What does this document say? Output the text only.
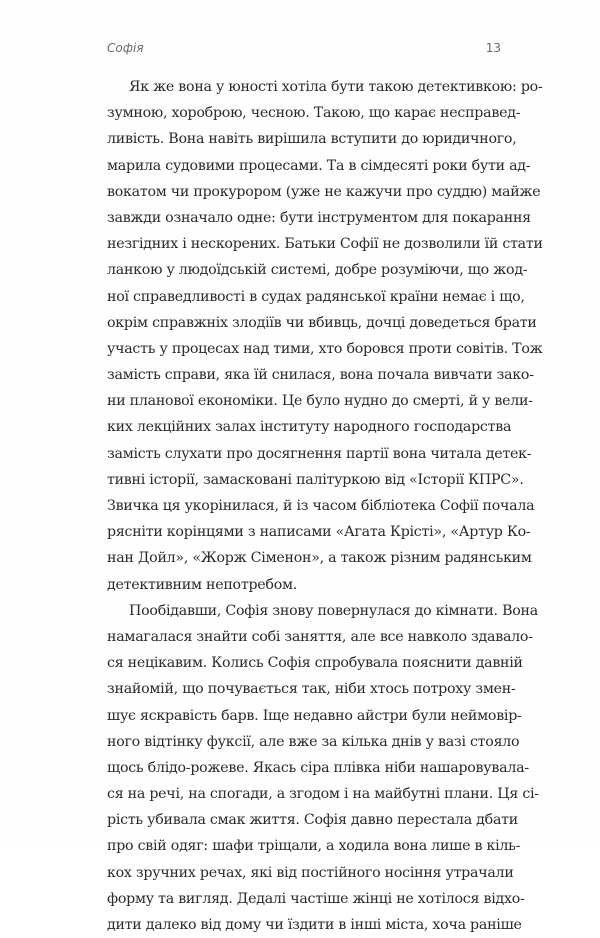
Софія	13
Як же вона у юності хотіла бути такою детективкою: ро-
зумною, хороброю, чесною. Такою, що карає несправед-
ливість. Вона навіть вирішила вступити до юридичного,
марила судовими процесами. Та в сімдесяті роки бути ад-
вокатом чи прокурором (уже не кажучи про суддю) майже
завжди означало одне: бути інструментом для покарання
незгідних і нескорених. Батьки Софії не дозволили їй стати
ланкою у людоїдській системі, добре розуміючи, що жод-
ної справедливості в судах радянської країни немає і що,
окрім справжніх злодіїв чи вбивць, дочці доведеться брати
участь у процесах над тими, хто боровся проти совітів. Тож
замість справи, яка їй снилася, вона почала вивчати зако-
ни планової економіки. Це було нудно до смерті, й у вели-
ких лекційних залах інституту народного господарства
замість слухати про досягнення партії вона читала детек-
тивні історії, замасковані палітуркою від «Історії КПРС».
Звичка ця укорінилася, й із часом бібліотека Софії почала
рясніти корінцями з написами «Агата Крісті», «Артур Ко-
нан Дойл», «Жорж Сіменон», а також різним радянським
детективним непотребом.
Пообідавши, Софія знову повернулася до кімнати. Вона
намагалася знайти собі заняття, але все навколо здавало-
ся нецікавим. Колись Софія спробувала пояснити давній
знайомій, що почувається так, ніби хтось потроху змен-
шує яскравість барв. Іще недавно айстри були неймовір-
ного відтінку фуксії, але вже за кілька днів у вазі стояло
щось блідо-рожеве. Якась сіра плівка ніби нашаровувала-
ся на речі, на спогади, а згодом і на майбутні плани. Ця сі-
рість убивала смак життя. Софія давно перестала дбати
про свій одяг: шафи тріщали, а ходила вона лише в кіль-
кох зручних речах, які від постійного носіння утрачали
форму та вигляд. Дедалі частіше жінці не хотілося відхо-
дити далеко від дому чи їздити в інші міста, хоча раніше
